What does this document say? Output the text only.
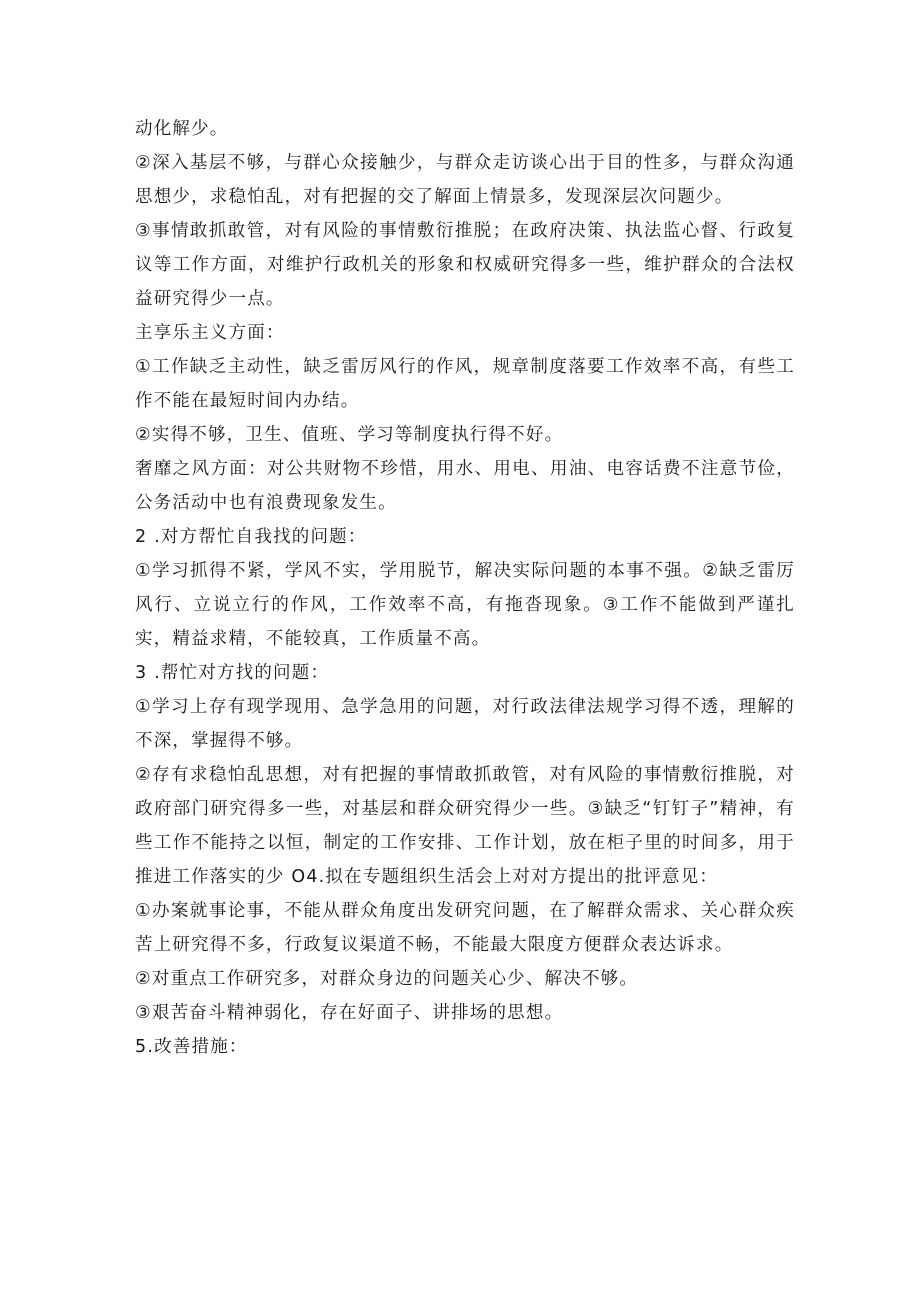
动化解少。

②深入基层不够，与群心众接触少，与群众走访谈心出于目的性多，与群众沟通思想少，求稳怕乱，对有把握的交了解面上情景多，发现深层次问题少。

③事情敢抓敢管，对有风险的事情敷衍推脱；在政府决策、执法监心督、行政复议等工作方面，对维护行政机关的形象和权威研究得多一些，维护群众的合法权益研究得少一点。

主享乐主义方面：

①工作缺乏主动性，缺乏雷厉风行的作风，规章制度落要工作效率不高，有些工作不能在最短时间内办结。

②实得不够，卫生、值班、学习等制度执行得不好。

奢靡之风方面：对公共财物不珍惜，用水、用电、用油、电容话费不注意节俭，公务活动中也有浪费现象发生。

2 .对方帮忙自我找的问题：

①学习抓得不紧，学风不实，学用脱节，解决实际问题的本事不强。②缺乏雷厉风行、立说立行的作风，工作效率不高，有拖沓现象。③工作不能做到严谨扎实，精益求精，不能较真，工作质量不高。

3 .帮忙对方找的问题：

①学习上存有现学现用、急学急用的问题，对行政法律法规学习得不透，理解的不深，掌握得不够。

②存有求稳怕乱思想，对有把握的事情敢抓敢管，对有风险的事情敷衍推脱，对政府部门研究得多一些，对基层和群众研究得少一些。③缺乏“钉钉子”精神，有些工作不能持之以恒，制定的工作安排、工作计划，放在柜子里的时间多，用于推进工作落实的少 O4.拟在专题组织生活会上对对方提出的批评意见：

①办案就事论事，不能从群众角度出发研究问题，在了解群众需求、关心群众疾苦上研究得不多，行政复议渠道不畅，不能最大限度方便群众表达诉求。

②对重点工作研究多，对群众身边的问题关心少、解决不够。

③艰苦奋斗精神弱化，存在好面子、讲排场的思想。

5.改善措施：
